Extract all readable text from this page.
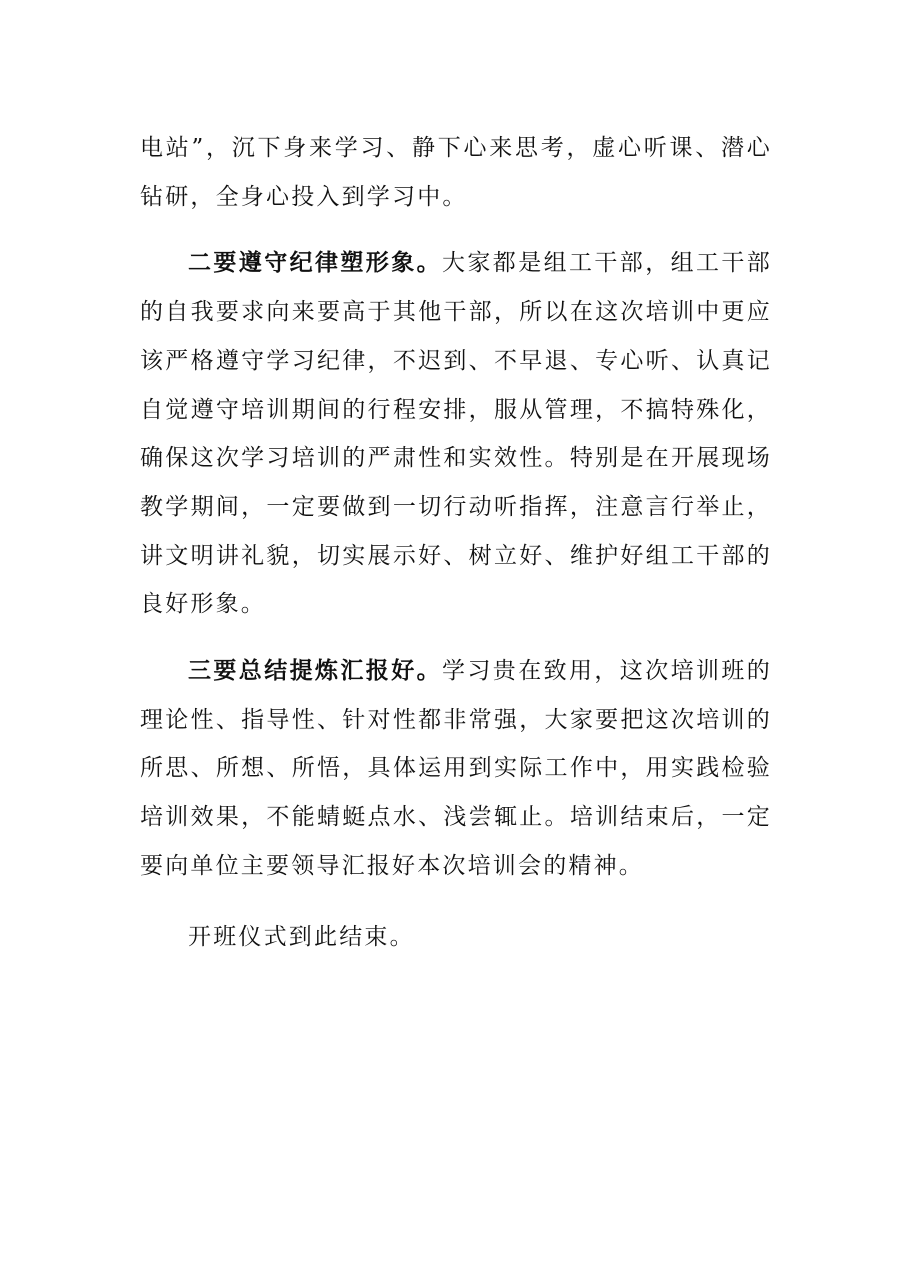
电站”，沉下身来学习、静下心来思考，虚心听课、潜心钻研，全身心投入到学习中。

二要遵守纪律塑形象。大家都是组工干部，组工干部的自我要求向来要高于其他干部，所以在这次培训中更应该严格遵守学习纪律，不迟到、不早退、专心听、认真记自觉遵守培训期间的行程安排，服从管理，不搞特殊化，确保这次学习培训的严肃性和实效性。特别是在开展现场教学期间，一定要做到一切行动听指挥，注意言行举止，讲文明讲礼貌，切实展示好、树立好、维护好组工干部的良好形象。

三要总结提炼汇报好。学习贵在致用，这次培训班的理论性、指导性、针对性都非常强，大家要把这次培训的所思、所想、所悟，具体运用到实际工作中，用实践检验培训效果，不能蜻蜓点水、浅尝辄止。培训结束后，一定要向单位主要领导汇报好本次培训会的精神。

开班仪式到此结束。
